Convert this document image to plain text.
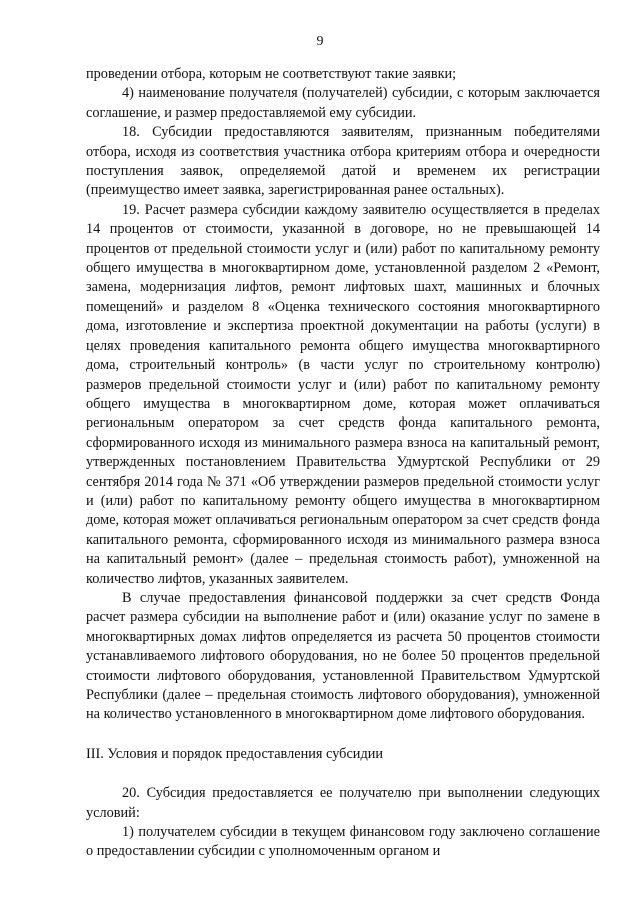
9

проведении отбора, которым не соответствуют такие заявки;

4) наименование получателя (получателей) субсидии, с которым заключается соглашение, и размер предоставляемой ему субсидии.

18. Субсидии предоставляются заявителям, признанным победителями отбора, исходя из соответствия участника отбора критериям отбора и очередности поступления заявок, определяемой датой и временем их регистрации (преимущество имеет заявка, зарегистрированная ранее остальных).

19. Расчет размера субсидии каждому заявителю осуществляется в пределах 14 процентов от стоимости, указанной в договоре, но не превышающей 14 процентов от предельной стоимости услуг и (или) работ по капитальному ремонту общего имущества в многоквартирном доме, установленной разделом 2 «Ремонт, замена, модернизация лифтов, ремонт лифтовых шахт, машинных и блочных помещений» и разделом 8 «Оценка технического состояния многоквартирного дома, изготовление и экспертиза проектной документации на работы (услуги) в целях проведения капитального ремонта общего имущества многоквартирного дома, строительный контроль» (в части услуг по строительному контролю) размеров предельной стоимости услуг и (или) работ по капитальному ремонту общего имущества в многоквартирном доме, которая может оплачиваться региональным оператором за счет средств фонда капитального ремонта, сформированного исходя из минимального размера взноса на капитальный ремонт, утвержденных постановлением Правительства Удмуртской Республики от 29 сентября 2014 года № 371 «Об утверждении размеров предельной стоимости услуг и (или) работ по капитальному ремонту общего имущества в многоквартирном доме, которая может оплачиваться региональным оператором за счет средств фонда капитального ремонта, сформированного исходя из минимального размера взноса на капитальный ремонт» (далее – предельная стоимость работ), умноженной на количество лифтов, указанных заявителем.

В случае предоставления финансовой поддержки за счет средств Фонда расчет размера субсидии на выполнение работ и (или) оказание услуг по замене в многоквартирных домах лифтов определяется из расчета 50 процентов стоимости устанавливаемого лифтового оборудования, но не более 50 процентов предельной стоимости лифтового оборудования, установленной Правительством Удмуртской Республики (далее – предельная стоимость лифтового оборудования), умноженной на количество установленного в многоквартирном доме лифтового оборудования.

III. Условия и порядок предоставления субсидии

20. Субсидия предоставляется ее получателю при выполнении следующих условий:

1) получателем субсидии в текущем финансовом году заключено соглашение о предоставлении субсидии с уполномоченным органом и
